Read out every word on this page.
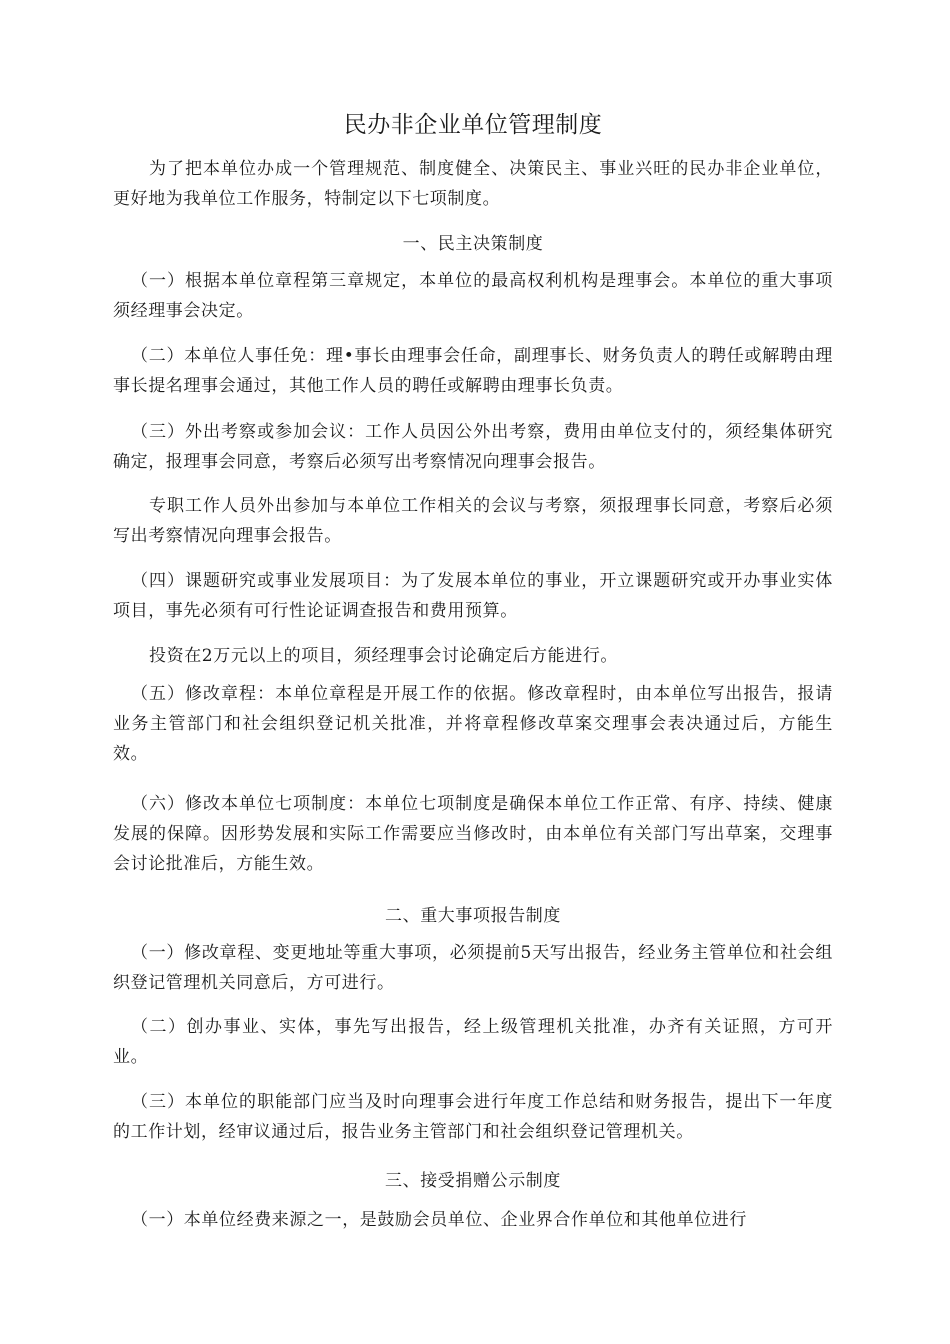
民办非企业单位管理制度

为了把本单位办成一个管理规范、制度健全、决策民主、事业兴旺的民办非企业单位，更好地为我单位工作服务，特制定以下七项制度。

一、民主决策制度

（一）根据本单位章程第三章规定，本单位的最高权利机构是理事会。本单位的重大事项须经理事会决定。

（二）本单位人事任免：理•事长由理事会任命，副理事长、财务负责人的聘任或解聘由理事长提名理事会通过，其他工作人员的聘任或解聘由理事长负责。

（三）外出考察或参加会议：工作人员因公外出考察，费用由单位支付的，须经集体研究确定，报理事会同意，考察后必须写出考察情况向理事会报告。

专职工作人员外出参加与本单位工作相关的会议与考察，须报理事长同意，考察后必须写出考察情况向理事会报告。

（四）课题研究或事业发展项目：为了发展本单位的事业，开立课题研究或开办事业实体项目，事先必须有可行性论证调查报告和费用预算。

投资在2万元以上的项目，须经理事会讨论确定后方能进行。

（五）修改章程：本单位章程是开展工作的依据。修改章程时，由本单位写出报告，报请业务主管部门和社会组织登记机关批准，并将章程修改草案交理事会表决通过后，方能生效。

（六）修改本单位七项制度：本单位七项制度是确保本单位工作正常、有序、持续、健康发展的保障。因形势发展和实际工作需要应当修改时，由本单位有关部门写出草案，交理事会讨论批准后，方能生效。

二、重大事项报告制度

（一）修改章程、变更地址等重大事项，必须提前5天写出报告，经业务主管单位和社会组织登记管理机关同意后，方可进行。

（二）创办事业、实体，事先写出报告，经上级管理机关批准，办齐有关证照，方可开业。

（三）本单位的职能部门应当及时向理事会进行年度工作总结和财务报告，提出下一年度的工作计划，经审议通过后，报告业务主管部门和社会组织登记管理机关。

三、接受捐赠公示制度

（一）本单位经费来源之一，是鼓励会员单位、企业界合作单位和其他单位进行
